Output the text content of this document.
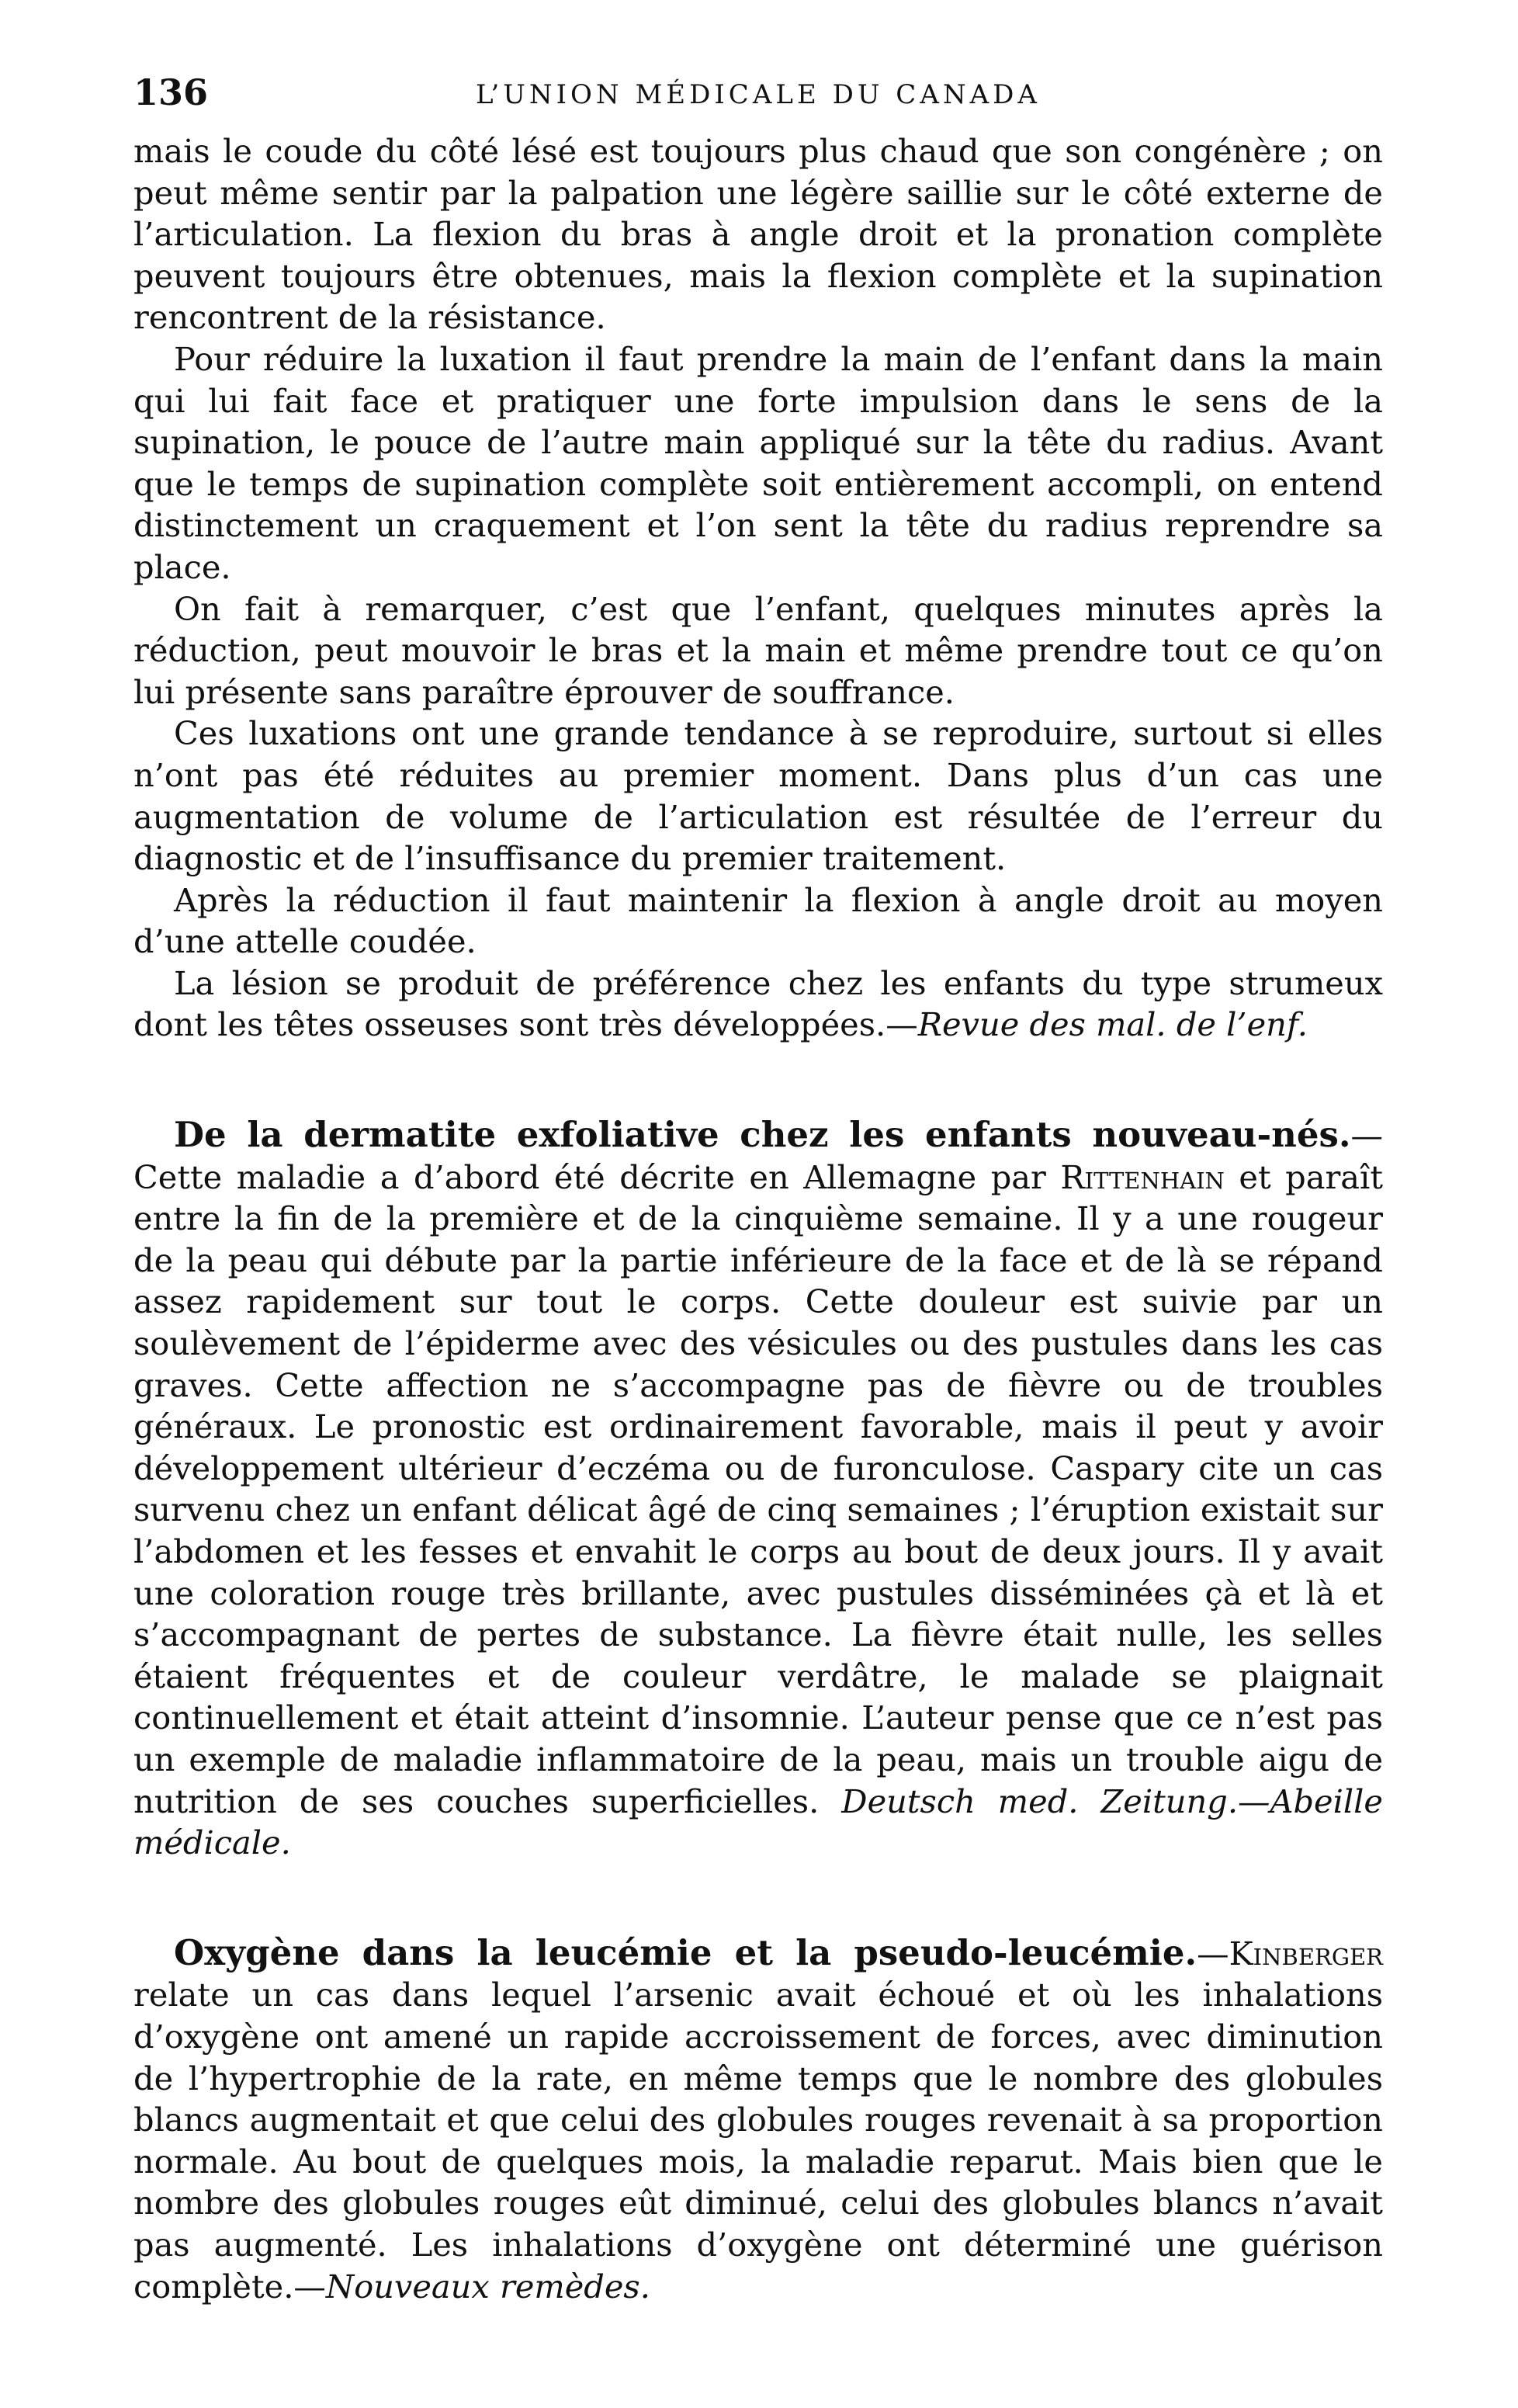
136	L’UNION MÉDICALE DU CANADA

mais le coude du côté lésé est toujours plus chaud que son congénère ; on peut même sentir par la palpation une légère saillie sur le côté externe de l’articulation. La flexion du bras à angle droit et la pronation complète peuvent toujours être obtenues, mais la flexion complète et la supination rencontrent de la résistance.

Pour réduire la luxation il faut prendre la main de l’enfant dans la main qui lui fait face et pratiquer une forte impulsion dans le sens de la supination, le pouce de l’autre main appliqué sur la tête du radius. Avant que le temps de supination complète soit entièrement accompli, on entend distinctement un craquement et l’on sent la tête du radius reprendre sa place.

On fait à remarquer, c’est que l’enfant, quelques minutes après la réduction, peut mouvoir le bras et la main et même prendre tout ce qu’on lui présente sans paraître éprouver de souffrance.

Ces luxations ont une grande tendance à se reproduire, surtout si elles n’ont pas été réduites au premier moment. Dans plus d’un cas une augmentation de volume de l’articulation est résultée de l’erreur du diagnostic et de l’insuffisance du premier traitement.

Après la réduction il faut maintenir la flexion à angle droit au moyen d’une attelle coudée.

La lésion se produit de préférence chez les enfants du type strumeux dont les têtes osseuses sont très développées.—Revue des mal. de l’enf.

De la dermatite exfoliative chez les enfants nouveau-nés.—Cette maladie a d’abord été décrite en Allemagne par Rittenhain et paraît entre la fin de la première et de la cinquième semaine. Il y a une rougeur de la peau qui débute par la partie inférieure de la face et de là se répand assez rapidement sur tout le corps. Cette douleur est suivie par un soulèvement de l’épiderme avec des vésicules ou des pustules dans les cas graves. Cette affection ne s’accompagne pas de fièvre ou de troubles généraux. Le pronostic est ordinairement favorable, mais il peut y avoir développement ultérieur d’eczéma ou de furonculose. Caspary cite un cas survenu chez un enfant délicat âgé de cinq semaines ; l’éruption existait sur l’abdomen et les fesses et envahit le corps au bout de deux jours. Il y avait une coloration rouge très brillante, avec pustules disséminées çà et là et s’accompagnant de pertes de substance. La fièvre était nulle, les selles étaient fréquentes et de couleur verdâtre, le malade se plaignait continuellement et était atteint d’insomnie. L’auteur pense que ce n’est pas un exemple de maladie inflammatoire de la peau, mais un trouble aigu de nutrition de ses couches superficielles. Deutsch med. Zeitung.—Abeille médicale.

Oxygène dans la leucémie et la pseudo-leucémie.—Kinberger relate un cas dans lequel l’arsenic avait échoué et où les inhalations d’oxygène ont amené un rapide accroissement de forces, avec diminution de l’hypertrophie de la rate, en même temps que le nombre des globules blancs augmentait et que celui des globules rouges revenait à sa proportion normale. Au bout de quelques mois, la maladie reparut. Mais bien que le nombre des globules rouges eût diminué, celui des globules blancs n’avait pas augmenté. Les inhalations d’oxygène ont déterminé une guérison complète.—Nouveaux remèdes.
